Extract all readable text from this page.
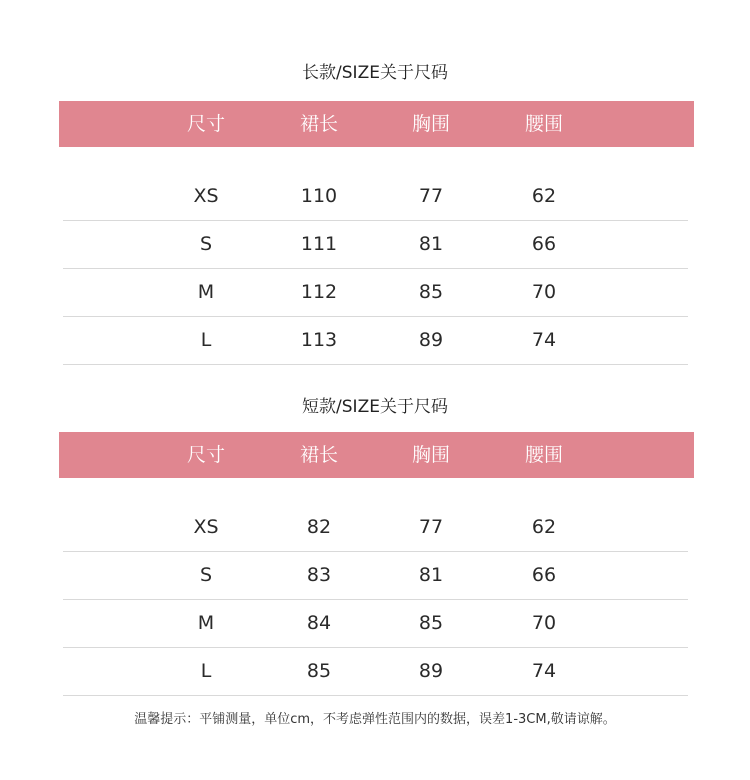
长款/SIZE关于尺码
尺寸	裙长	胸围	腰围
XS	110	77	62
S	111	81	66
M	112	85	70
L	113	89	74
短款/SIZE关于尺码
尺寸	裙长	胸围	腰围
XS	82	77	62
S	83	81	66
M	84	85	70
L	85	89	74
温馨提示：平铺测量，单位cm，不考虑弹性范围内的数据，误差1-3CM,敬请谅解。
